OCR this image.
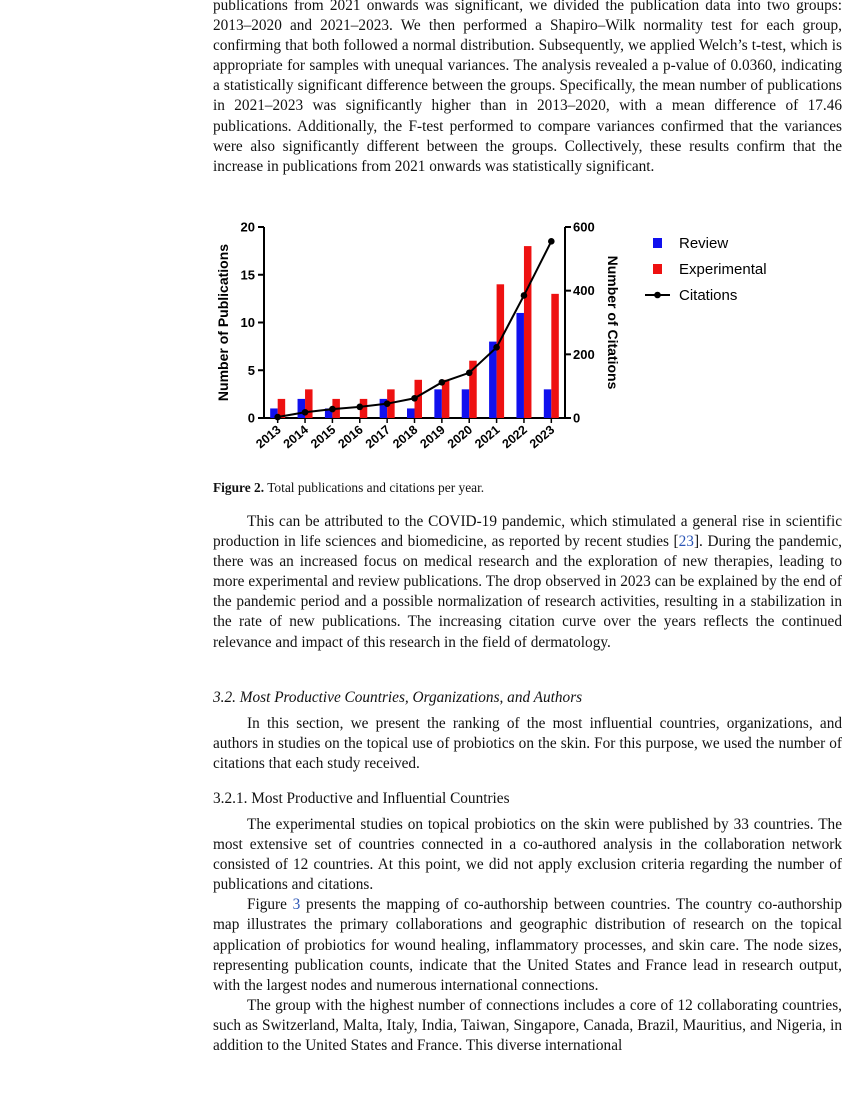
publications from 2021 onwards was significant, we divided the publication data into two groups: 2013–2020 and 2021–2023. We then performed a Shapiro–Wilk normality test for each group, confirming that both followed a normal distribution. Subsequently, we applied Welch’s t-test, which is appropriate for samples with unequal variances. The analysis revealed a p-value of 0.0360, indicating a statistically significant difference between the groups. Specifically, the mean number of publications in 2021–2023 was significantly higher than in 2013–2020, with a mean difference of 17.46 publications. Additionally, the F-test performed to compare variances confirmed that the variances were also significantly different between the groups. Collectively, these results confirm that the increase in publications from 2021 onwards was statistically significant.

0
5
10
15
20
0
200
400
600
2013
2014
2015
2016
2017
2018
2019
2020
2021
2022
2023
Number of Publications	Number of Citations
Review
Experimental
Citations
Figure 2. Total publications and citations per year.

This can be attributed to the COVID-19 pandemic, which stimulated a general rise in scientific production in life sciences and biomedicine, as reported by recent studies [23]. During the pandemic, there was an increased focus on medical research and the exploration of new therapies, leading to more experimental and review publications. The drop observed in 2023 can be explained by the end of the pandemic period and a possible normalization of research activities, resulting in a stabilization in the rate of new publications. The increasing citation curve over the years reflects the continued relevance and impact of this research in the field of dermatology.

3.2. Most Productive Countries, Organizations, and Authors

In this section, we present the ranking of the most influential countries, organizations, and authors in studies on the topical use of probiotics on the skin. For this purpose, we used the number of citations that each study received.

3.2.1. Most Productive and Influential Countries

The experimental studies on topical probiotics on the skin were published by 33 countries. The most extensive set of countries connected in a co-authored analysis in the collaboration network consisted of 12 countries. At this point, we did not apply exclusion criteria regarding the number of publications and citations.

Figure 3 presents the mapping of co-authorship between countries. The country co-authorship map illustrates the primary collaborations and geographic distribution of research on the topical application of probiotics for wound healing, inflammatory processes, and skin care. The node sizes, representing publication counts, indicate that the United States and France lead in research output, with the largest nodes and numerous international connections.

The group with the highest number of connections includes a core of 12 collaborating countries, such as Switzerland, Malta, Italy, India, Taiwan, Singapore, Canada, Brazil, Mauritius, and Nigeria, in addition to the United States and France. This diverse international
